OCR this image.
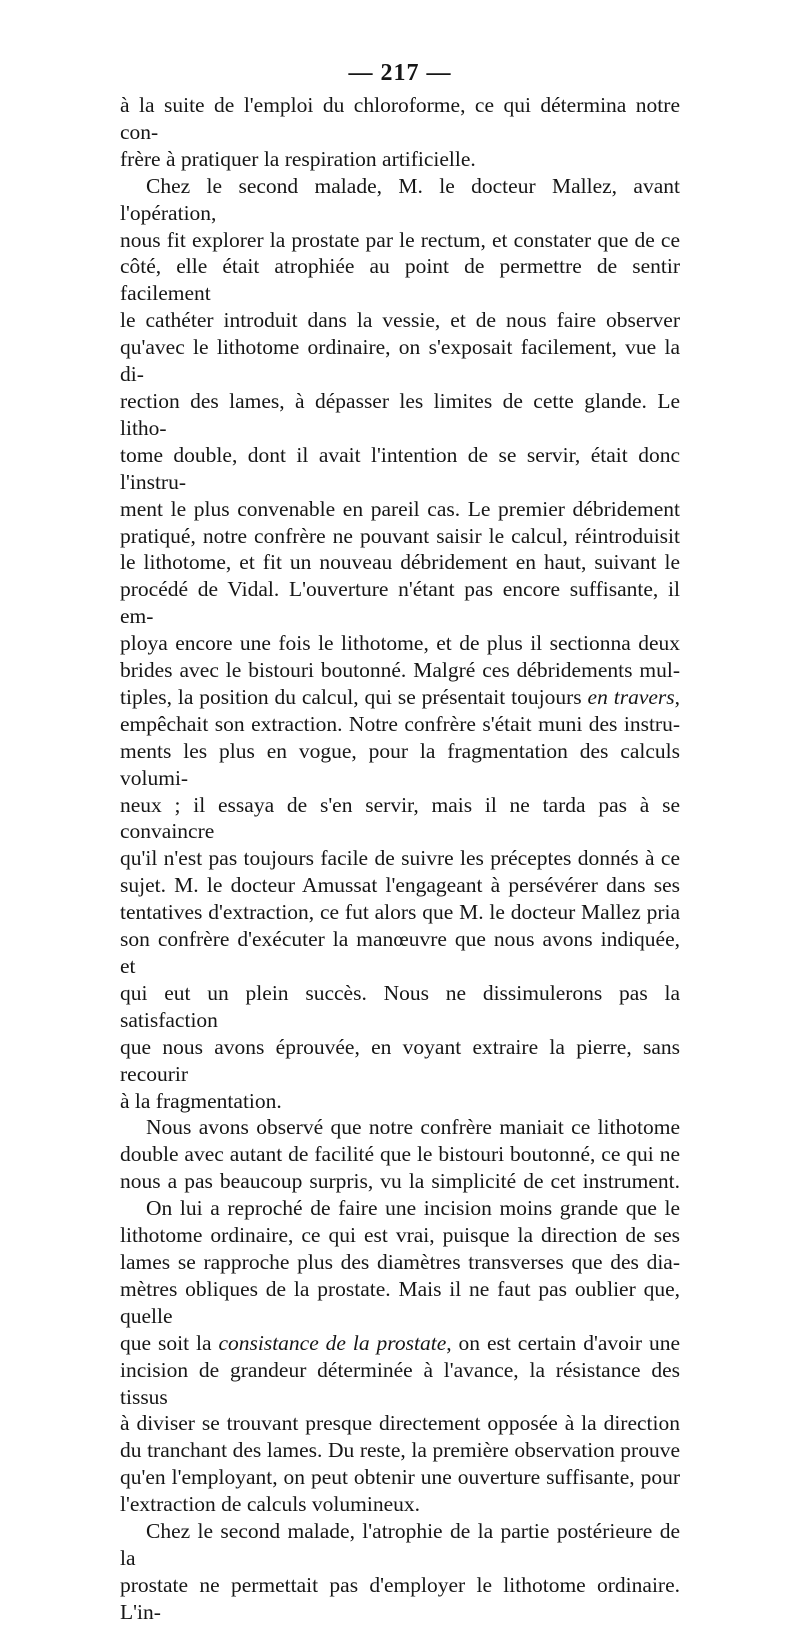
— 217 —
à la suite de l'emploi du chloroforme, ce qui détermina notre con-
frère à pratiquer la respiration artificielle.
Chez le second malade, M. le docteur Mallez, avant l'opération,
nous fit explorer la prostate par le rectum, et constater que de ce
côté, elle était atrophiée au point de permettre de sentir facilement
le cathéter introduit dans la vessie, et de nous faire observer
qu'avec le lithotome ordinaire, on s'exposait facilement, vue la di-
rection des lames, à dépasser les limites de cette glande. Le litho-
tome double, dont il avait l'intention de se servir, était donc l'instru-
ment le plus convenable en pareil cas. Le premier débridement
pratiqué, notre confrère ne pouvant saisir le calcul, réintroduisit
le lithotome, et fit un nouveau débridement en haut, suivant le
procédé de Vidal. L'ouverture n'étant pas encore suffisante, il em-
ploya encore une fois le lithotome, et de plus il sectionna deux
brides avec le bistouri boutonné. Malgré ces débridements mul-
tiples, la position du calcul, qui se présentait toujours en travers,
empêchait son extraction. Notre confrère s'était muni des instru-
ments les plus en vogue, pour la fragmentation des calculs volumi-
neux ; il essaya de s'en servir, mais il ne tarda pas à se convaincre
qu'il n'est pas toujours facile de suivre les préceptes donnés à ce
sujet. M. le docteur Amussat l'engageant à persévérer dans ses
tentatives d'extraction, ce fut alors que M. le docteur Mallez pria
son confrère d'exécuter la manœuvre que nous avons indiquée, et
qui eut un plein succès. Nous ne dissimulerons pas la satisfaction
que nous avons éprouvée, en voyant extraire la pierre, sans recourir
à la fragmentation.
Nous avons observé que notre confrère maniait ce lithotome
double avec autant de facilité que le bistouri boutonné, ce qui ne
nous a pas beaucoup surpris, vu la simplicité de cet instrument.
On lui a reproché de faire une incision moins grande que le
lithotome ordinaire, ce qui est vrai, puisque la direction de ses
lames se rapproche plus des diamètres transverses que des dia-
mètres obliques de la prostate. Mais il ne faut pas oublier que, quelle
que soit la consistance de la prostate, on est certain d'avoir une
incision de grandeur déterminée à l'avance, la résistance des tissus
à diviser se trouvant presque directement opposée à la direction
du tranchant des lames. Du reste, la première observation prouve
qu'en l'employant, on peut obtenir une ouverture suffisante, pour
l'extraction de calculs volumineux.
Chez le second malade, l'atrophie de la partie postérieure de la
prostate ne permettait pas d'employer le lithotome ordinaire. L'in-
